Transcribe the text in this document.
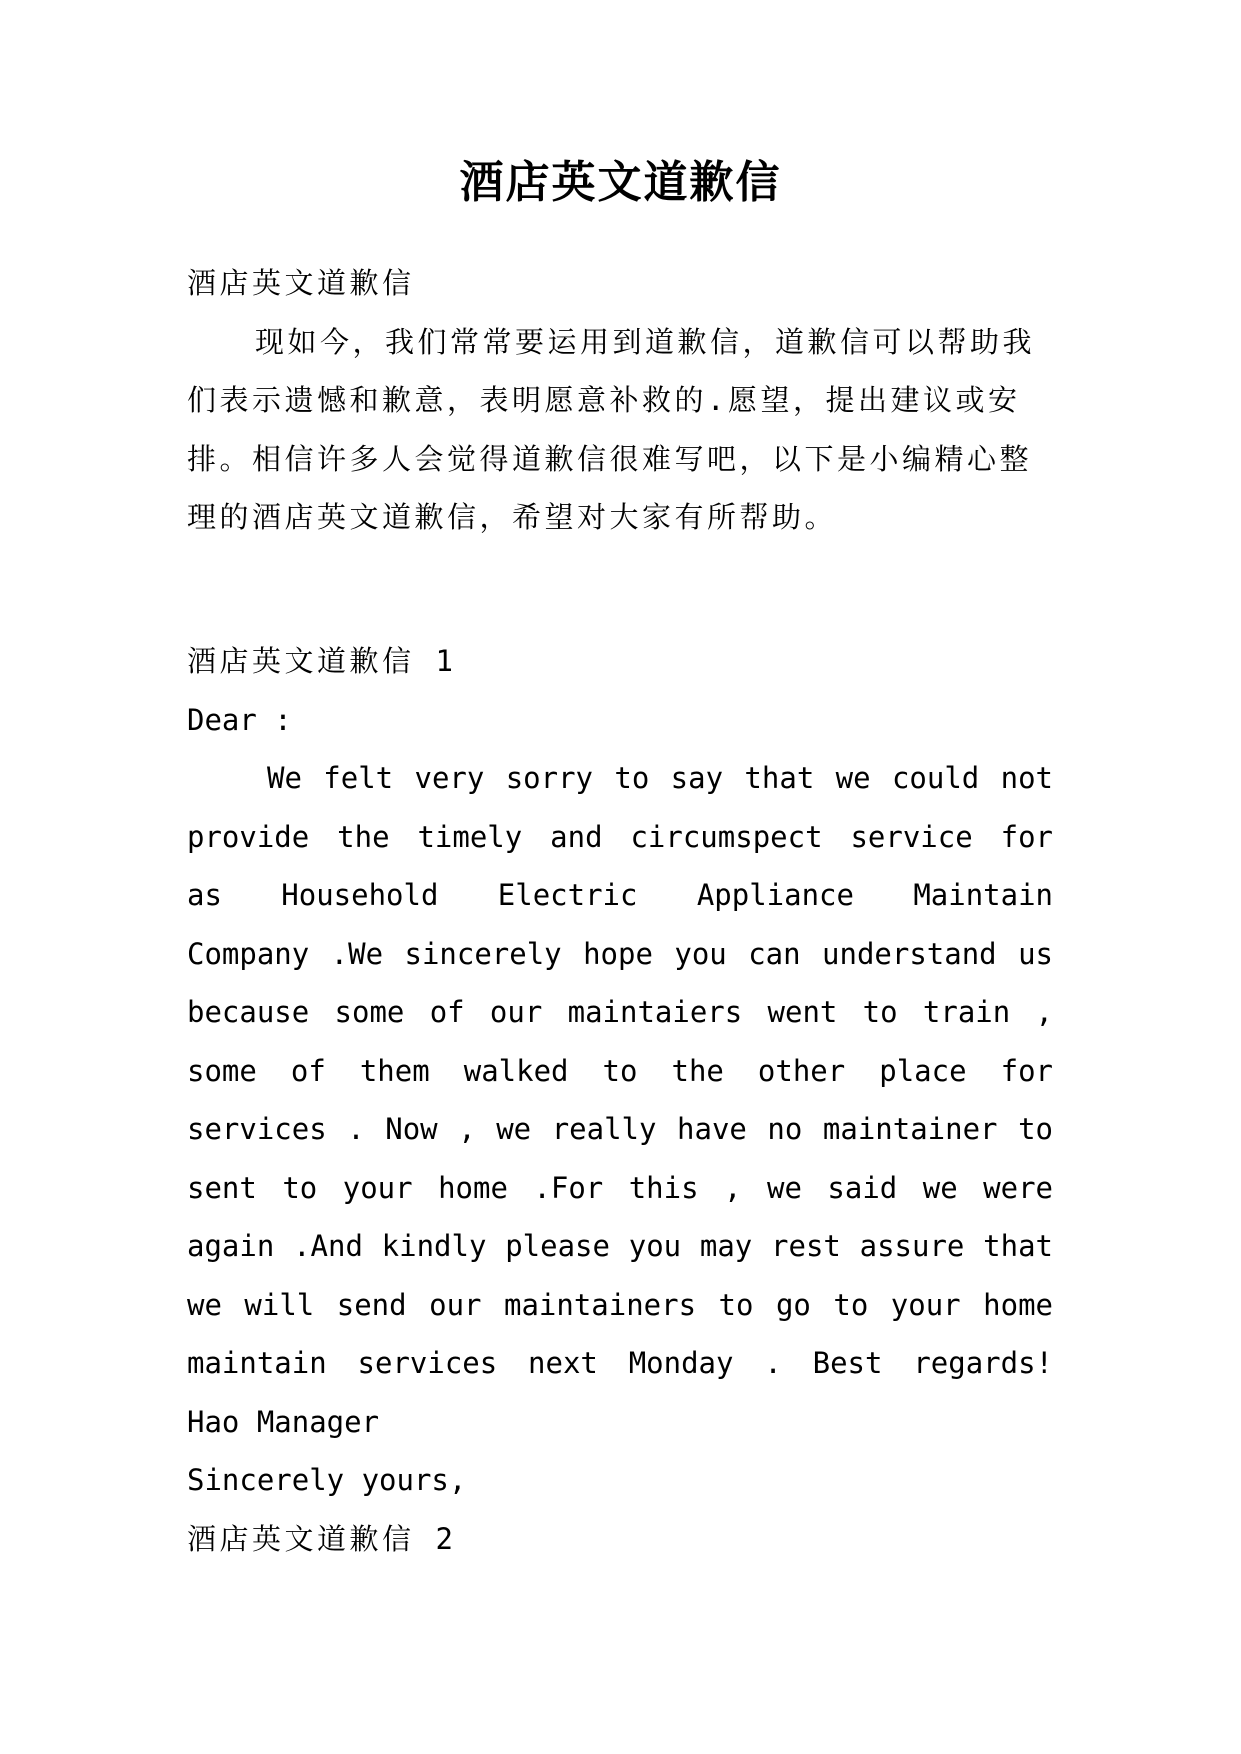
酒店英文道歉信
酒店英文道歉信
现如今，我们常常要运用到道歉信，道歉信可以帮助我
们表示遗憾和歉意，表明愿意补救的.愿望，提出建议或安
排。相信许多人会觉得道歉信很难写吧，以下是小编精心整
理的酒店英文道歉信，希望对大家有所帮助。
酒店英文道歉信 1
Dear :
We felt very sorry to say that we could not
provide the timely and circumspect service for
as Household Electric Appliance Maintain
Company .We sincerely hope you can understand us
because some of our maintaiers went to train ,
some of them walked to the other place for
services . Now , we really have no maintainer to
sent to your home .For this , we said we were
again .And kindly please you may rest assure that
we will send our maintainers to go to your home
maintain services next Monday . Best regards!
Hao Manager
Sincerely yours,
酒店英文道歉信 2
